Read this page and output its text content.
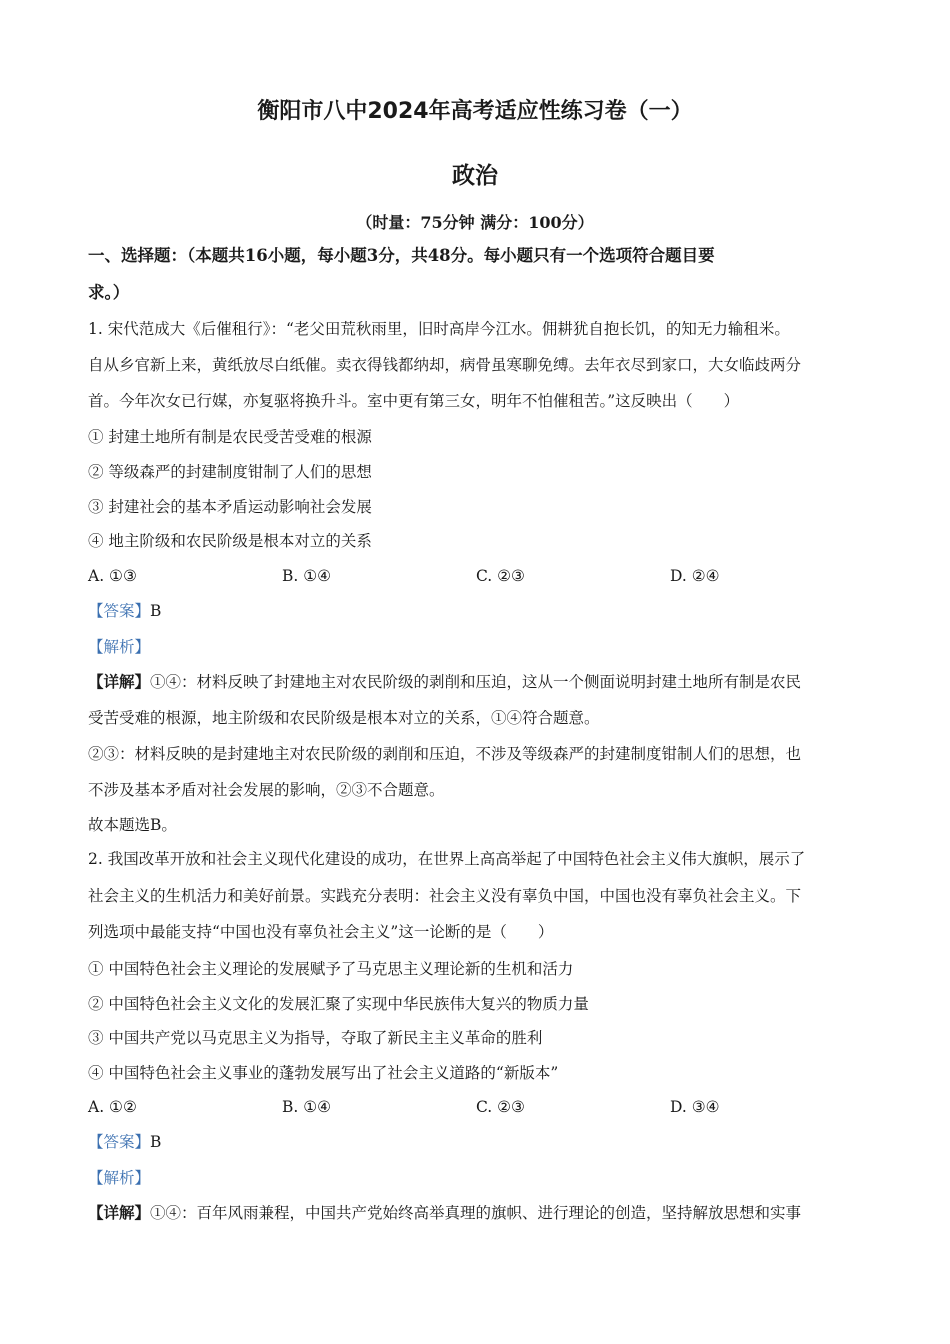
衡阳市八中2024年高考适应性练习卷（一）
政治
（时量：75分钟 满分：100分）
一、选择题：（本题共16小题，每小题3分，共48分。每小题只有一个选项符合题目要
求。）
1. 宋代范成大《后催租行》：“老父田荒秋雨里，旧时高岸今江水。佣耕犹自抱长饥，的知无力输租米。
自从乡官新上来，黄纸放尽白纸催。卖衣得钱都纳却，病骨虽寒聊免缚。去年衣尽到家口，大女临歧两分
首。今年次女已行媒，亦复驱将换升斗。室中更有第三女，明年不怕催租苦。”这反映出（　　）
① 封建土地所有制是农民受苦受难的根源
② 等级森严的封建制度钳制了人们的思想
③ 封建社会的基本矛盾运动影响社会发展
④ 地主阶级和农民阶级是根本对立的关系
A. ①③	B. ①④	C. ②③	D. ②④
【答案】B
【解析】
【详解】①④：材料反映了封建地主对农民阶级的剥削和压迫，这从一个侧面说明封建土地所有制是农民
受苦受难的根源，地主阶级和农民阶级是根本对立的关系，①④符合题意。
②③：材料反映的是封建地主对农民阶级的剥削和压迫，不涉及等级森严的封建制度钳制人们的思想，也
不涉及基本矛盾对社会发展的影响，②③不合题意。
故本题选B。
2. 我国改革开放和社会主义现代化建设的成功，在世界上高高举起了中国特色社会主义伟大旗帜，展示了
社会主义的生机活力和美好前景。实践充分表明：社会主义没有辜负中国，中国也没有辜负社会主义。下
列选项中最能支持“中国也没有辜负社会主义”这一论断的是（　　）
① 中国特色社会主义理论的发展赋予了马克思主义理论新的生机和活力
② 中国特色社会主义文化的发展汇聚了实现中华民族伟大复兴的物质力量
③ 中国共产党以马克思主义为指导，夺取了新民主主义革命的胜利
④ 中国特色社会主义事业的蓬勃发展写出了社会主义道路的“新版本”
A. ①②	B. ①④	C. ②③	D. ③④
【答案】B
【解析】
【详解】①④：百年风雨兼程，中国共产党始终高举真理的旗帜、进行理论的创造，坚持解放思想和实事
